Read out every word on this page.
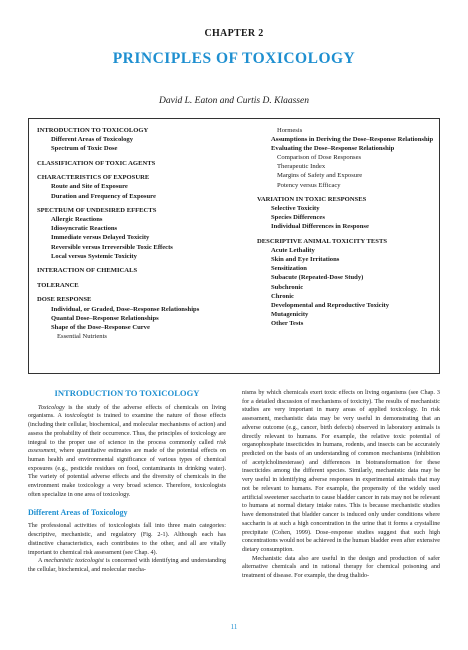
CHAPTER 2
PRINCIPLES OF TOXICOLOGY
David L. Eaton and Curtis D. Klaassen
INTRODUCTION TO TOXICOLOGY
Different Areas of Toxicology
Spectrum of Toxic Dose
CLASSIFICATION OF TOXIC AGENTS
CHARACTERISTICS OF EXPOSURE
Route and Site of Exposure
Duration and Frequency of Exposure
SPECTRUM OF UNDESIRED EFFECTS
Allergic Reactions
Idiosyncratic Reactions
Immediate versus Delayed Toxicity
Reversible versus Irreversible Toxic Effects
Local versus Systemic Toxicity
INTERACTION OF CHEMICALS
TOLERANCE
DOSE RESPONSE
Individual, or Graded, Dose–Response Relationships
Quantal Dose–Response Relationships
Shape of the Dose–Response Curve
Essential Nutrients
Hormesis
Assumptions in Deriving the Dose–Response Relationship
Evaluating the Dose–Response Relationship
Comparison of Dose Responses
Therapeutic Index
Margins of Safety and Exposure
Potency versus Efficacy
VARIATION IN TOXIC RESPONSES
Selective Toxicity
Species Differences
Individual Differences in Response
DESCRIPTIVE ANIMAL TOXICITY TESTS
Acute Lethality
Skin and Eye Irritations
Sensitization
Subacute (Repeated-Dose Study)
Subchronic
Chronic
Developmental and Reproductive Toxicity
Mutagenicity
Other Tests
INTRODUCTION TO TOXICOLOGY

Toxicology is the study of the adverse effects of chemicals on living organisms. A toxicologist is trained to examine the nature of those effects (including their cellular, biochemical, and molecular mechanisms of action) and assess the probability of their occurrence. Thus, the principles of toxicology are integral to the proper use of science in the process commonly called risk assessment, where quantitative estimates are made of the potential effects on human health and environmental significance of various types of chemical exposures (e.g., pesticide residues on food, contaminants in drinking water). The variety of potential adverse effects and the diversity of chemicals in the environment make toxicology a very broad science. Therefore, toxicologists often specialize in one area of toxicology.

Different Areas of Toxicology

The professional activities of toxicologists fall into three main categories: descriptive, mechanistic, and regulatory (Fig. 2-1). Although each has distinctive characteristics, each contributes to the other, and all are vitally important to chemical risk assessment (see Chap. 4).

A mechanistic toxicologist is concerned with identifying and understanding the cellular, biochemical, and molecular mecha-

nisms by which chemicals exert toxic effects on living organisms (see Chap. 3 for a detailed discussion of mechanisms of toxicity). The results of mechanistic studies are very important in many areas of applied toxicology. In risk assessment, mechanistic data may be very useful in demonstrating that an adverse outcome (e.g., cancer, birth defects) observed in laboratory animals is directly relevant to humans. For example, the relative toxic potential of organophosphate insecticides in humans, rodents, and insects can be accurately predicted on the basis of an understanding of common mechanisms (inhibition of acetylcholinesterase) and differences in biotransformation for these insecticides among the different species. Similarly, mechanistic data may be very useful in identifying adverse responses in experimental animals that may not be relevant to humans. For example, the propensity of the widely used artificial sweetener saccharin to cause bladder cancer in rats may not be relevant to humans at normal dietary intake rates. This is because mechanistic studies have demonstrated that bladder cancer is induced only under conditions where saccharin is at such a high concentration in the urine that it forms a crystalline precipitate (Cohen, 1999). Dose–response studies suggest that such high concentrations would not be achieved in the human bladder even after extensive dietary consumption.

Mechanistic data also are useful in the design and production of safer alternative chemicals and in rational therapy for chemical poisoning and treatment of disease. For example, the drug thalido-

11
